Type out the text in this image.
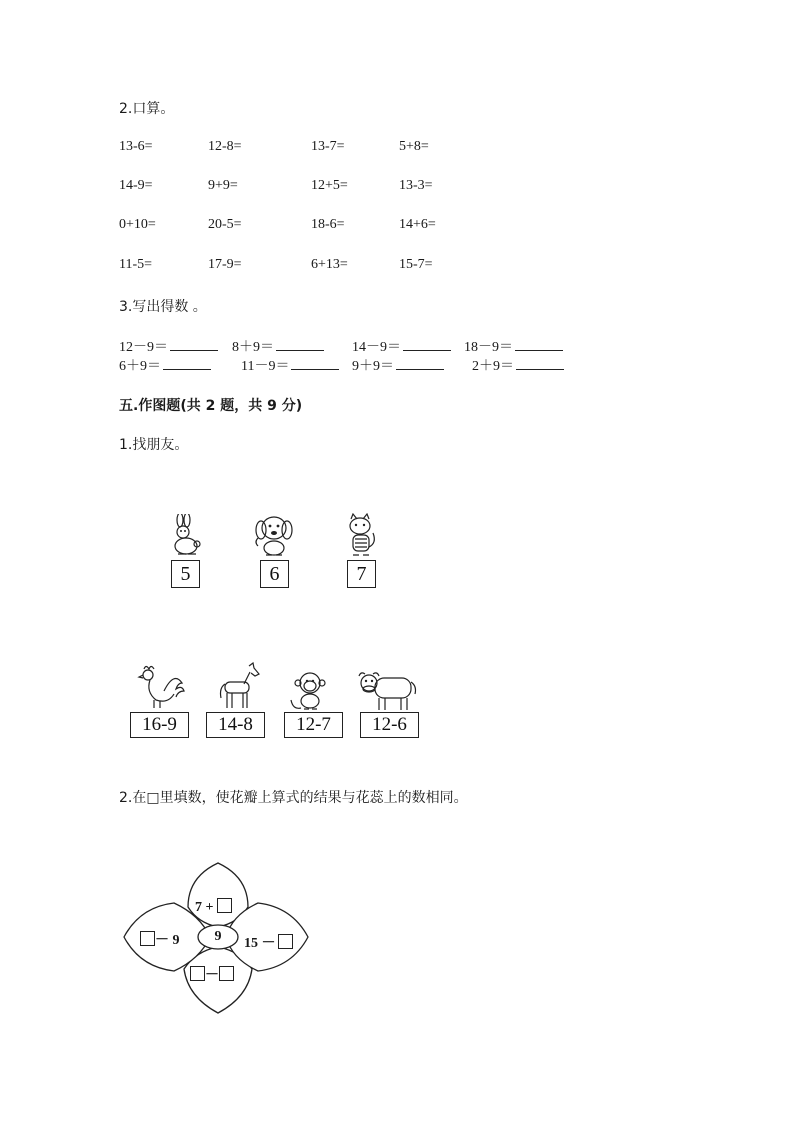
2.口算。
13-6=	12-8=	13-7=	5+8=
14-9=	9+9=	12+5=	13-3=
0+10=	20-5=	18-6=	14+6=
11-5=	17-9=	6+13=	15-7=
3.写出得数 。
12－9＝	8＋9＝	14－9＝	18－9＝
6＋9＝	11－9＝	9＋9＝	2＋9＝
五.作图题(共 2 题，共 9 分)
1.找朋友。
5	6	7
16-9	14-8	12-7	12-6
2.在□里填数，使花瓣上算式的结果与花蕊上的数相同。
7 +
9
－ 9	15 －
－
